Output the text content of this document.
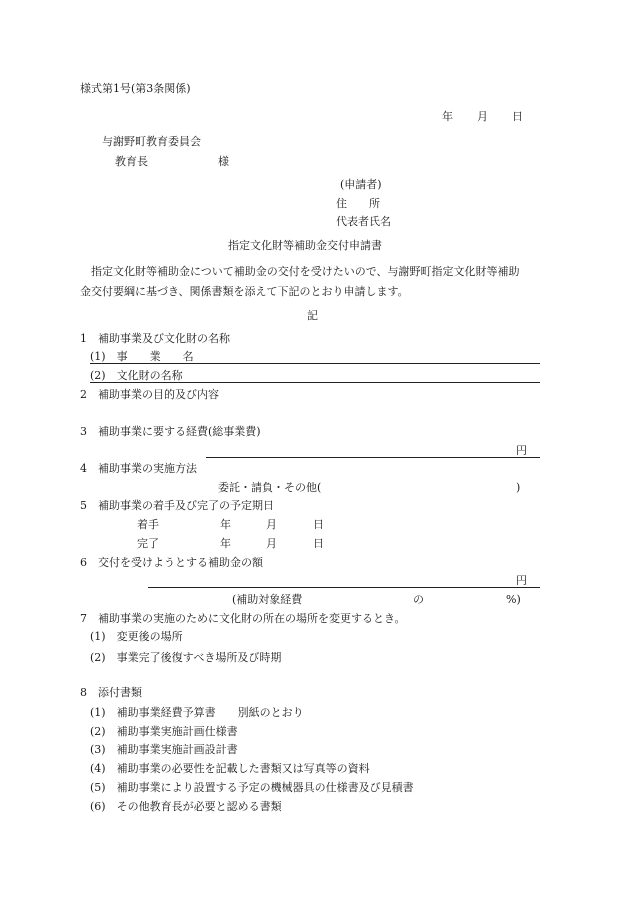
様式第1号(第3条関係)
年 月 日
与謝野町教育委員会
教育長	様
(申請者)
住　　所
代表者氏名
指定文化財等補助金交付申請書
　指定文化財等補助金について補助金の交付を受けたいので、与謝野町指定文化財等補助
金交付要綱に基づき、関係書類を添えて下記のとおり申請します。
記
1　補助事業及び文化財の名称
(1)　事　　業　　名
(2)　文化財の名称
2　補助事業の目的及び内容
3　補助事業に要する経費(総事業費)
円
4　補助事業の実施方法
委託・請負・その他(	)
5　補助事業の着手及び完了の予定期日
着手	年	月	日
完了	年	月	日
6　交付を受けようとする補助金の額
円
(補助対象経費	の	%)
7　補助事業の実施のために文化財の所在の場所を変更するとき。
(1)　変更後の場所
(2)　事業完了後復すべき場所及び時期
8　添付書類
(1)　補助事業経費予算書　　別紙のとおり
(2)　補助事業実施計画仕様書
(3)　補助事業実施計画設計書
(4)　補助事業の必要性を記載した書類又は写真等の資料
(5)　補助事業により設置する予定の機械器具の仕様書及び見積書
(6)　その他教育長が必要と認める書類
